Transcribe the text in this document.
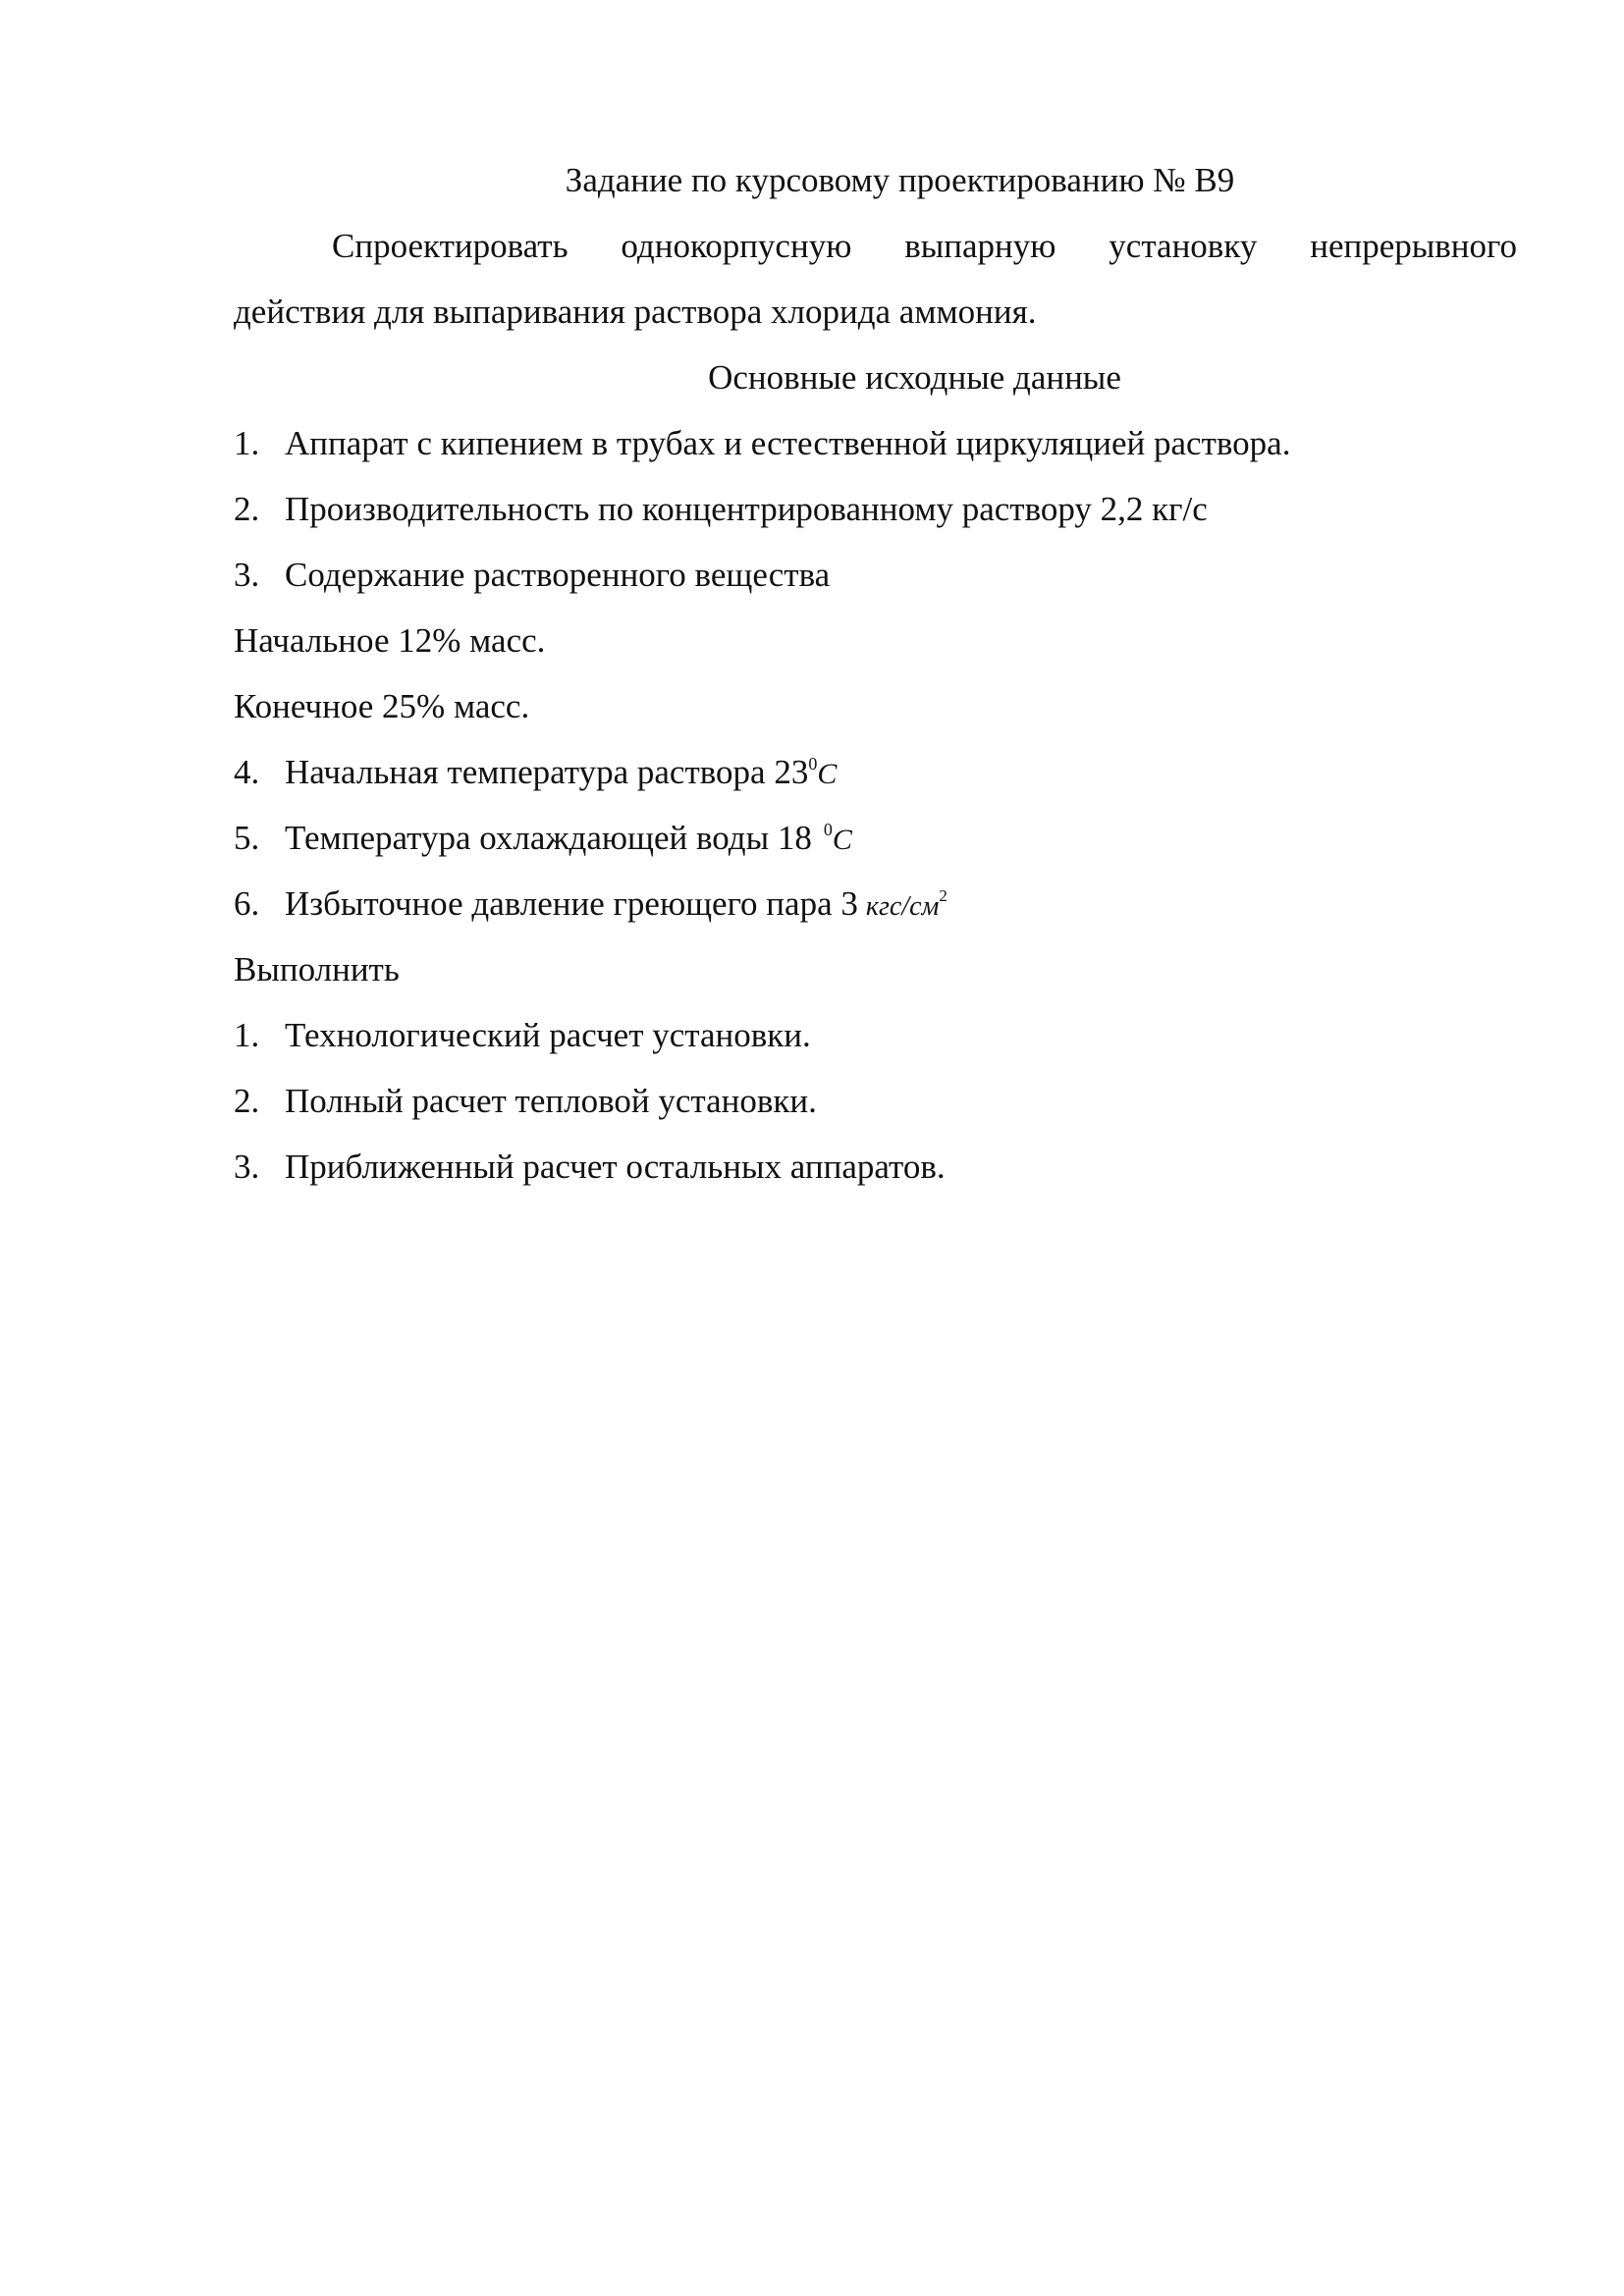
Задание по курсовому проектированию № В9
Спроектировать однокорпусную выпарную установку непрерывного
действия для выпаривания раствора хлорида аммония.
Основные исходные данные
1. Аппарат с кипением в трубах и естественной циркуляцией раствора.
2. Производительность по концентрированному раствору 2,2 кг/с
3. Содержание растворенного вещества
Начальное 12% масс.
Конечное 25% масс.
4. Начальная температура раствора $23^0C$
5. Температура охлаждающей воды 18 $^0$C
6. Избыточное давление греющего пара 3 кгс/$см^2$
Выполнить
1. Технологический расчет установки.
2. Полный расчет тепловой установки.
3. Приближенный расчет остальных аппаратов.
